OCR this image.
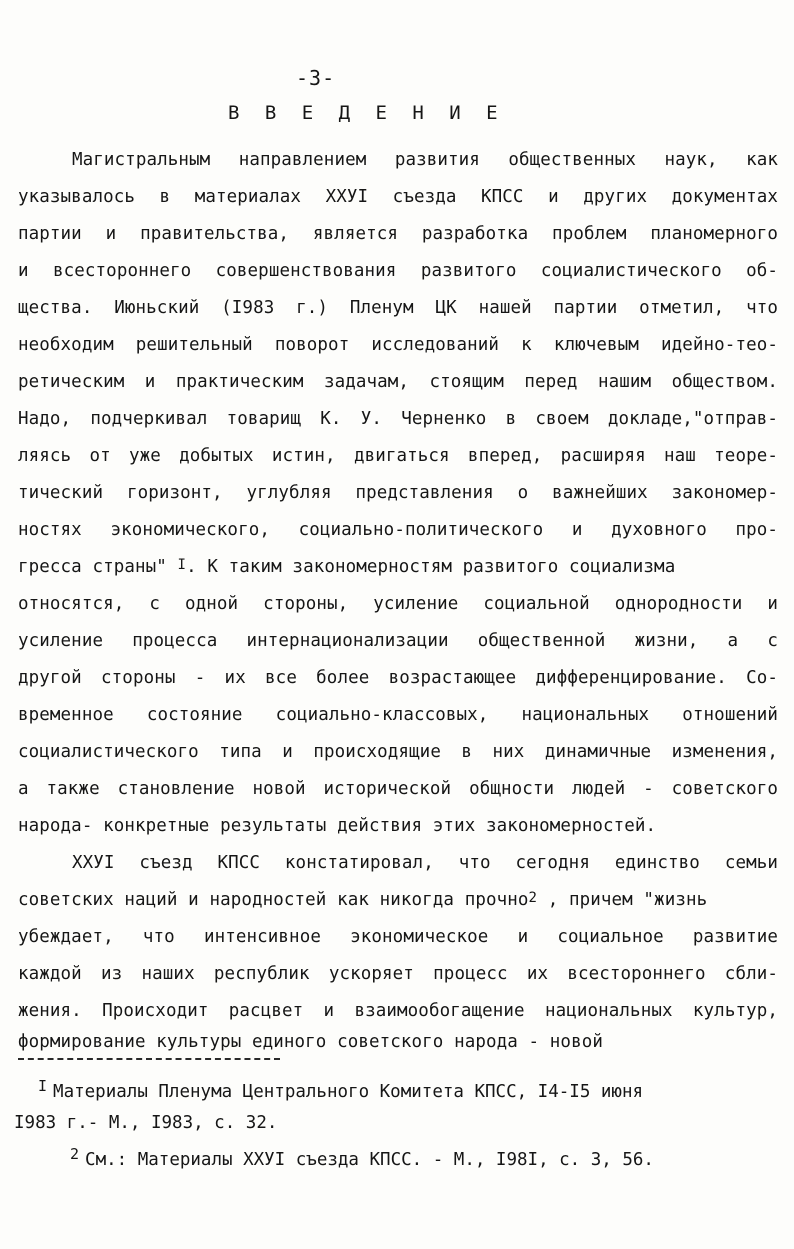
-3-
В В Е Д Е Н И Е
Магистральным направлением развития общественных наук, как
указывалось в материалах XXУI съезда КПСС и других документах
партии и правительства, является разработка проблем планомерного
и всестороннего совершенствования развитого социалистического об-
щества. Июньский (I983 г.) Пленум ЦК нашей партии отметил, что
необходим решительный поворот исследований к ключевым идейно-тео-
ретическим и практическим задачам, стоящим перед нашим обществом.
Надо, подчеркивал товарищ К. У. Черненко в своем докладе,"отправ-
ляясь от уже добытых истин, двигаться вперед, расширяя наш теоре-
тический горизонт, углубляя представления о важнейших закономер-
ностях экономического, социально-политического и духовного про-
гресса страны" $^I$. К таким закономерностям развитого социализма
относятся, с одной стороны, усиление социальной однородности и
усиление процесса интернационализации общественной жизни, а с
другой стороны - их все более возрастающее дифференцирование. Со-
временное состояние социально-классовых, национальных отношений
социалистического типа и происходящие в них динамичные изменения,
а также становление новой исторической общности людей - советского
народа- конкретные результаты действия этих закономерностей.
XXУI съезд КПСС констатировал, что сегодня единство семьи
советских наций и народностей как никогда прочно$^2$ , причем "жизнь
убеждает, что интенсивное экономическое и социальное развитие
каждой из наших республик ускоряет процесс их всестороннего сбли-
жения. Происходит расцвет и взаимообогащение национальных культур,
формирование культуры единого советского народа - новой
I Материалы Пленума Центрального Комитета КПСС, I4-I5 июня
I983 г.- М., I983, с. 32.
2 См.: Материалы XXУI съезда КПСС. - М., I98I, с. 3, 56.
